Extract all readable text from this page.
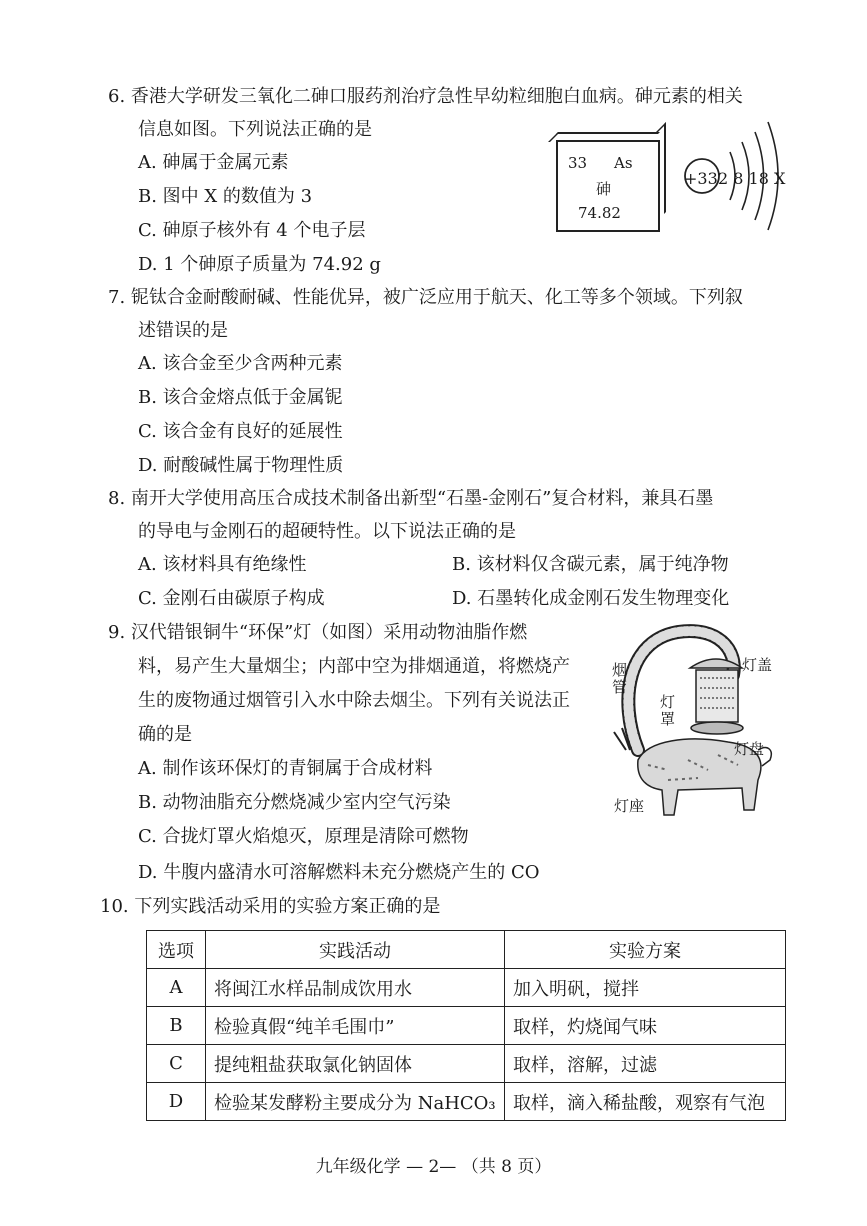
6. 香港大学研发三氧化二砷口服药剂治疗急性早幼粒细胞白血病。砷元素的相关
信息如图。下列说法正确的是
A. 砷属于金属元素
B. 图中 X 的数值为 3
C. 砷原子核外有 4 个电子层
D. 1 个砷原子质量为 74.92 g
33 As
砷
74.82
+33 2 8 18 X
7. 铌钛合金耐酸耐碱、性能优异，被广泛应用于航天、化工等多个领域。下列叙
述错误的是
A. 该合金至少含两种元素
B. 该合金熔点低于金属铌
C. 该合金有良好的延展性
D. 耐酸碱性属于物理性质
8. 南开大学使用高压合成技术制备出新型“石墨-金刚石”复合材料，兼具石墨
的导电与金刚石的超硬特性。以下说法正确的是
A. 该材料具有绝缘性	B. 该材料仅含碳元素，属于纯净物
C. 金刚石由碳原子构成	D. 石墨转化成金刚石发生物理变化
9. 汉代错银铜牛“环保”灯（如图）采用动物油脂作燃
料，易产生大量烟尘；内部中空为排烟通道，将燃烧产
生的废物通过烟管引入水中除去烟尘。下列有关说法正
确的是
A. 制作该环保灯的青铜属于合成材料
B. 动物油脂充分燃烧减少室内空气污染
C. 合拢灯罩火焰熄灭，原理是清除可燃物
D. 牛腹内盛清水可溶解燃料未充分燃烧产生的 CO
烟管
灯盖
灯罩
灯盘
灯座
10. 下列实践活动采用的实验方案正确的是
选项	实践活动	实验方案
A	将闽江水样品制成饮用水	加入明矾，搅拌
B	检验真假“纯羊毛围巾”	取样，灼烧闻气味
C	提纯粗盐获取氯化钠固体	取样，溶解，过滤
D	检验某发酵粉主要成分为 NaHCO₃	取样，滴入稀盐酸，观察有气泡
九年级化学 — 2— （共 8 页）
